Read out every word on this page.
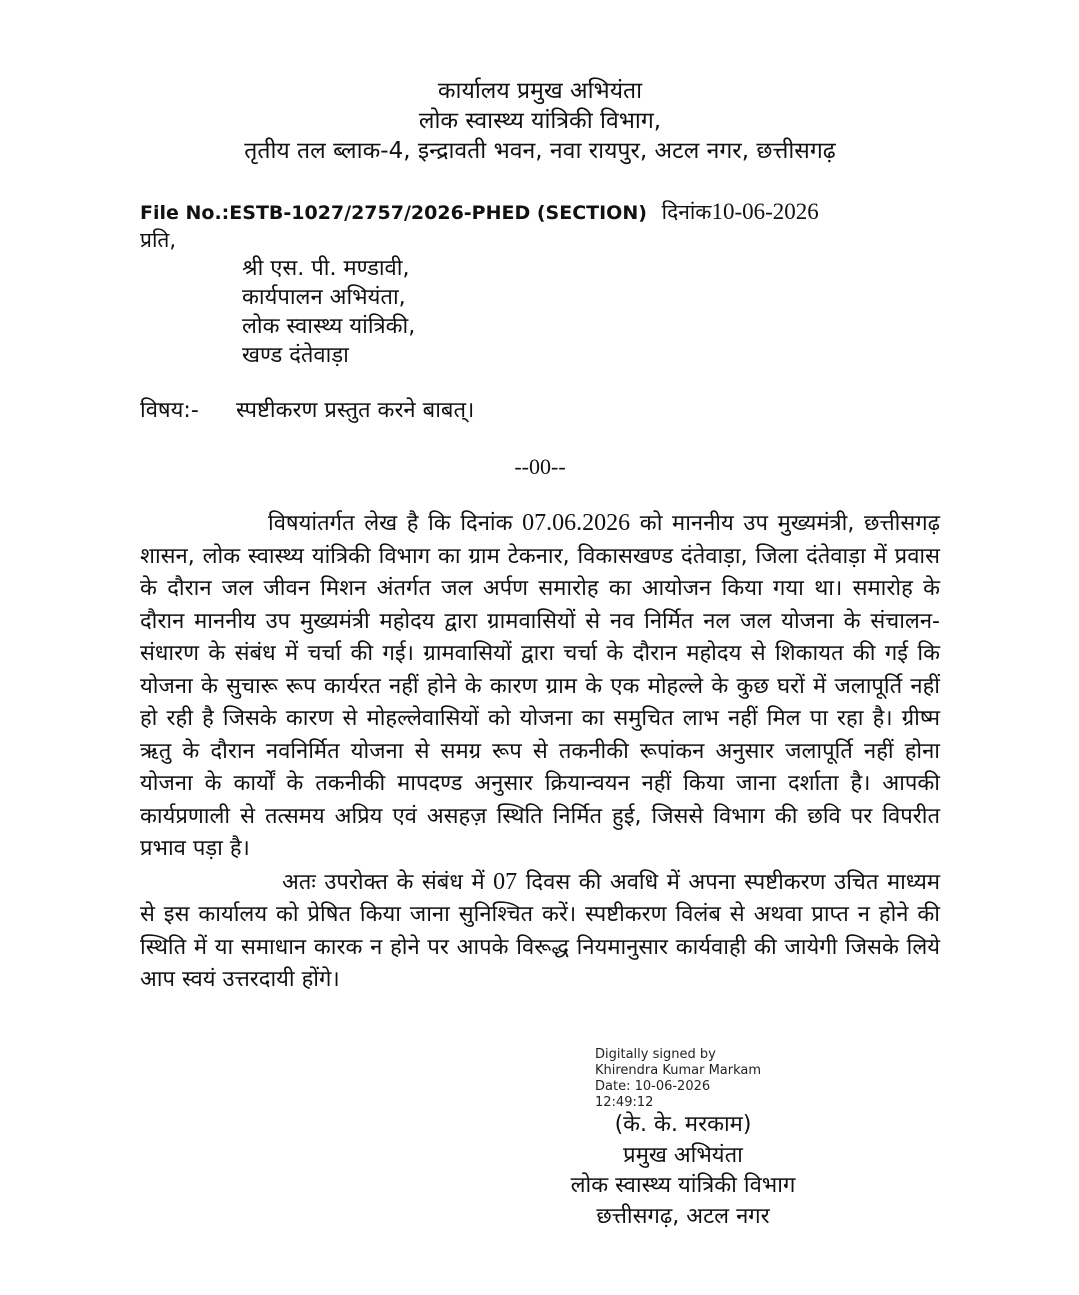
कार्यालय प्रमुख अभियंता
लोक स्वास्थ्य यांत्रिकी विभाग,
तृतीय तल ब्लाक-4, इन्द्रावती भवन, नवा रायपुर, अटल नगर, छत्तीसगढ़
File No.:ESTB-1027/2757/2026-PHED (SECTION) दिनांक10-06-2026
प्रति,
श्री एस. पी. मण्डावी,
कार्यपालन अभियंता,
लोक स्वास्थ्य यांत्रिकी,
खण्ड दंतेवाड़ा
विषय:- स्पष्टीकरण प्रस्तुत करने बाबत्।
--00--

विषयांतर्गत लेख है कि दिनांक 07.06.2026 को माननीय उप मुख्यमंत्री, छत्तीसगढ़ शासन, लोक स्वास्थ्य यांत्रिकी विभाग का ग्राम टेकनार, विकासखण्ड दंतेवाड़ा, जिला दंतेवाड़ा में प्रवास के दौरान जल जीवन मिशन अंतर्गत जल अर्पण समारोह का आयोजन किया गया था। समारोह के दौरान माननीय उप मुख्यमंत्री महोदय द्वारा ग्रामवासियों से नव निर्मित नल जल योजना के संचालन-संधारण के संबंध में चर्चा की गई। ग्रामवासियों द्वारा चर्चा के दौरान महोदय से शिकायत की गई कि योजना के सुचारू रूप कार्यरत नहीं होने के कारण ग्राम के एक मोहल्ले के कुछ घरों में जलापूर्ति नहीं हो रही है जिसके कारण से मोहल्लेवासियों को योजना का समुचित लाभ नहीं मिल पा रहा है। ग्रीष्म ऋतु के दौरान नवनिर्मित योजना से समग्र रूप से तकनीकी रूपांकन अनुसार जलापूर्ति नहीं होना योजना के कार्यों के तकनीकी मापदण्ड अनुसार क्रियान्वयन नहीं किया जाना दर्शाता है। आपकी कार्यप्रणाली से तत्समय अप्रिय एवं असहज़ स्थिति निर्मित हुई, जिससे विभाग की छवि पर विपरीत प्रभाव पड़ा है।

अतः उपरोक्त के संबंध में 07 दिवस की अवधि में अपना स्पष्टीकरण उचित माध्यम से इस कार्यालय को प्रेषित किया जाना सुनिश्चित करें। स्पष्टीकरण विलंब से अथवा प्राप्त न होने की स्थिति में या समाधान कारक न होने पर आपके विरूद्ध नियमानुसार कार्यवाही की जायेगी जिसके लिये आप स्वयं उत्तरदायी होंगे।

Digitally signed by
Khirendra Kumar Markam
Date: 10-06-2026
12:49:12
(के. के. मरकाम)
प्रमुख अभियंता
लोक स्वास्थ्य यांत्रिकी विभाग
छत्तीसगढ़, अटल नगर
